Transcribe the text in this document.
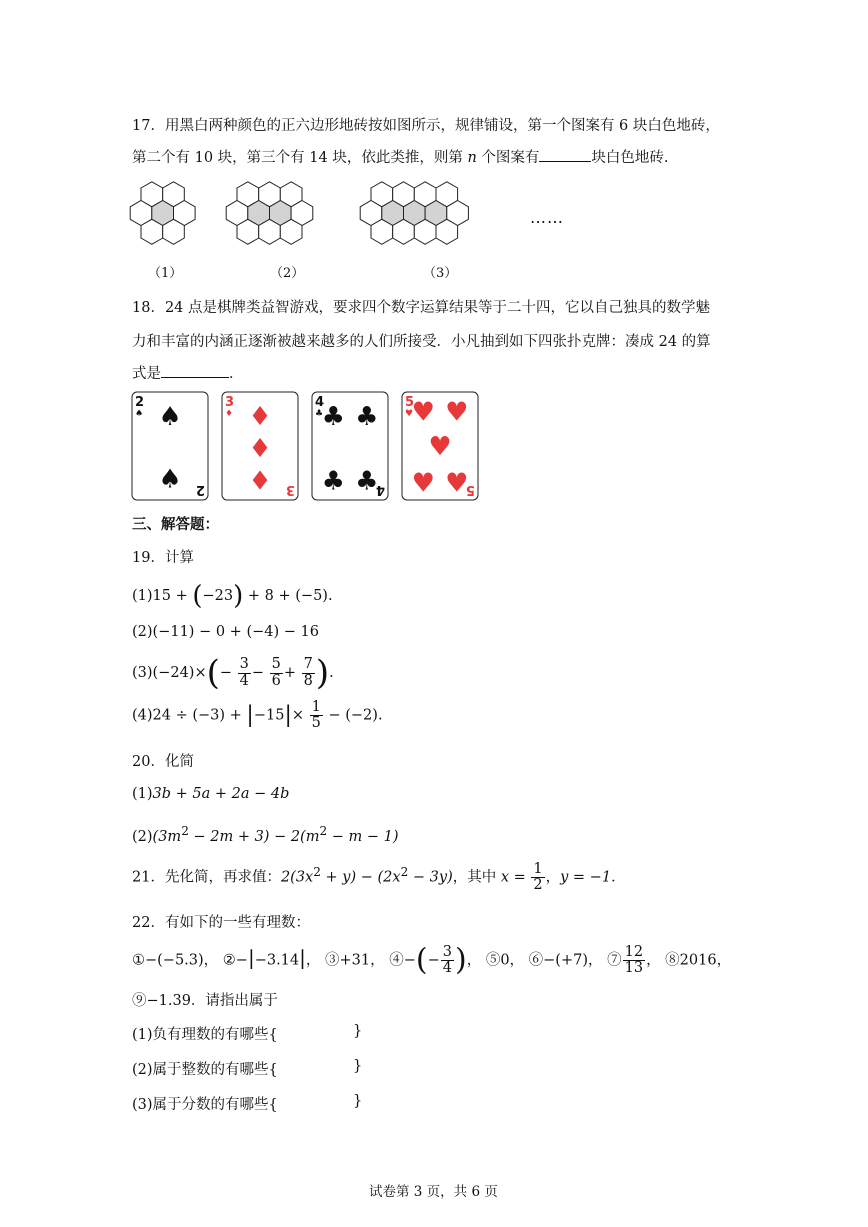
17．用黑白两种颜色的正六边形地砖按如图所示，规律铺设，第一个图案有 6 块白色地砖，
第二个有 10 块，第三个有 14 块，依此类推，则第 n 个图案有	块白色地砖.
……
（1）	（2）	（3）
18．24 点是棋牌类益智游戏，要求四个数字运算结果等于二十四，它以自己独具的数学魅
力和丰富的内涵正逐渐被越来越多的人们所接受．小凡抽到如下四张扑克牌：凑成 24 的算
式是	．
2
♠
2
♠
♠
3
♦
3
♦
♦
♦
4
♣
4
♣ ♣
♣ ♣
5
♥
5
♥ ♥
♥
♥ ♥
三、解答题：
19．计算
(1)15 + (−23) + 8 + (−5).
(2)(−11) − 0 + (−4) − 16
$(3)(-24)\times(- \frac{3}{4} - \frac{5}{6} + \frac{7}{8}$ ).
$(4)24 \div (-3) + |-15|\times \frac{1}{5} - (-2)$.
20．化简
(1)3b + 5a + 2a − 4b
$(2)(3m^2 - 2m + 3) - 2(m^2 - m - 1)$
21．先化简，再求值：$2(3x^2 + y) - (2x^2 - 3y)$，其中 $x = \frac{1}{2}$ ，y = −1．
22．有如下的一些有理数：
①−(−5.3)， ②−|−3.14|， ③+31， ④−(− $\frac{3}{4}$ )， ⑤0， ⑥−(+7)， ⑦ $\frac{12}{13}$ ， ⑧2016，
⑨−1.39．请指出属于
(1)负有理数的有哪些{	}
(2)属于整数的有哪些{	}
(3)属于分数的有哪些{	}
试卷第 3 页，共 6 页
